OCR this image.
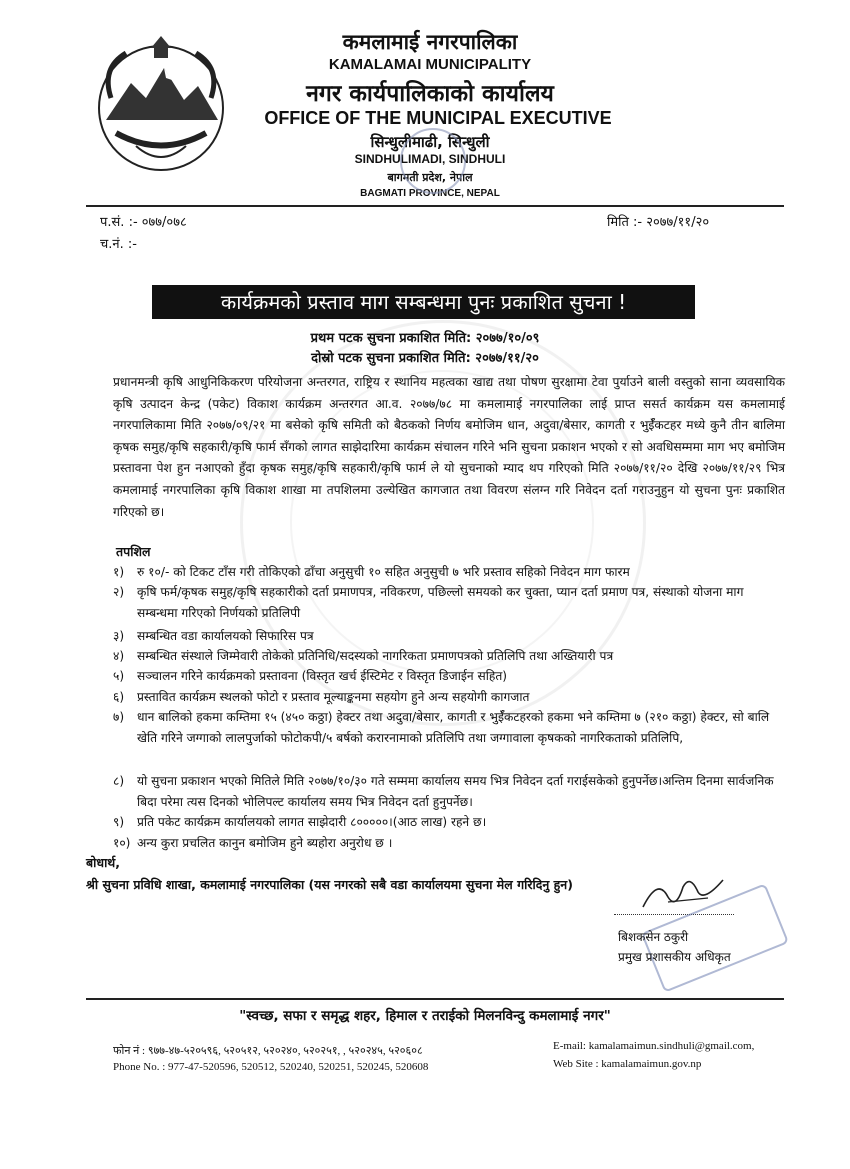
कमलामाई नगरपालिका
KAMALAMAI MUNICIPALITY
नगर कार्यपालिकाको कार्यालय
OFFICE OF THE MUNICIPAL EXECUTIVE
सिन्धुलीमाढी, सिन्धुली
SINDHULIMADI, SINDHULI
बागमती प्रदेश, नेपाल
BAGMATI PROVINCE, NEPAL
प.सं. :- ०७७/०७८
च.नं. :-
मिति :- २०७७/११/२०
कार्यक्रमको प्रस्ताव माग सम्बन्धमा पुनः प्रकाशित सुचना !
प्रथम पटक सुचना प्रकाशित मिति: २०७७/१०/०९
दोस्रो पटक सुचना प्रकाशित मिति: २०७७/११/२०

प्रधानमन्त्री कृषि आधुनिकिकरण परियोजना अन्तरगत, राष्ट्रिय र स्थानिय महत्वका खाद्य तथा पोषण सुरक्षामा टेवा पुर्याउने बाली वस्तुको साना व्यवसायिक कृषि उत्पादन केन्द्र (पकेट) विकाश कार्यक्रम अन्तरगत आ.व. २०७७/७८ मा कमलामाई नगरपालिका लाई प्राप्त ससर्त कार्यक्रम यस कमलामाई नगरपालिकामा मिति २०७७/०९/२१ मा बसेको कृषि समिती को बैठकको निर्णय बमोजिम धान, अदुवा/बेसार, कागती र भुईँकटहर मध्ये कुनै तीन बालिमा कृषक समुह/कृषि सहकारी/कृषि फार्म सँगको लागत साझेदारिमा कार्यक्रम संचालन गरिने भनि सुचना प्रकाशन भएको र सो अवधिसम्ममा माग भए बमोजिम प्रस्तावना पेश हुन नआएको हुँदा कृषक समुह/कृषि सहकारी/कृषि फार्म ले यो सुचनाको म्याद थप गरिएको मिति २०७७/११/२० देखि २०७७/११/२९ भित्र कमलामाई नगरपालिका कृषि विकाश शाखा मा तपशिलमा उल्येखित कागजात तथा विवरण संलग्न गरि निवेदन दर्ता गराउनुहुन यो सुचना पुनः प्रकाशित गरिएको छ।

तपशिल
१)	रु १०/- को टिकट टाँस गरी तोकिएको ढाँचा अनुसुची १० सहित अनुसुची ७ भरि प्रस्ताव सहिको निवेदन माग फारम
२)	कृषि फर्म/कृषक समुह/कृषि सहकारीको दर्ता प्रमाणपत्र, नविकरण, पछिल्लो समयको कर चुक्ता, प्यान दर्ता प्रमाण पत्र, संस्थाको योजना माग सम्बन्धमा गरिएको निर्णयको प्रतिलिपी
३)	सम्बन्धित वडा कार्यालयको सिफारिस पत्र
४)	सम्बन्धित संस्थाले जिम्मेवारी तोकेको प्रतिनिधि/सदस्यको नागरिकता प्रमाणपत्रको प्रतिलिपि तथा अख्तियारी पत्र
५)	सञ्चालन गरिने कार्यक्रमको प्रस्तावना (विस्तृत खर्च ईस्टिमेट र विस्तृत डिजाईन सहित)
६)	प्रस्तावित कार्यक्रम स्थलको फोटो र प्रस्ताव मूल्याङ्कनमा सहयोग हुने अन्य सहयोगी कागजात
७)	धान बालिको हकमा कम्तिमा १५ (४५० कठ्ठा) हेक्टर तथा अदुवा/बेसार, कागती र भुईँकटहरको हकमा भने कम्तिमा ७ (२१० कठ्ठा) हेक्टर, सो बालि खेति गरिने जग्गाको लालपुर्जाको फोटोकपी/५ बर्षको करारनामाको प्रतिलिपि तथा जग्गावाला कृषकको नागरिकताको प्रतिलिपि,
८)	यो सुचना प्रकाशन भएको मितिले मिति २०७७/१०/३० गते सम्ममा कार्यालय समय भित्र निवेदन दर्ता गराईसकेको हुनुपर्नेछ।अन्तिम दिनमा सार्वजनिक बिदा परेमा त्यस दिनको भोलिपल्ट कार्यालय समय भित्र निवेदन दर्ता हुनुपर्नेछ।
९)	प्रति पकेट कार्यक्रम कार्यालयको लागत साझेदारी ८०००००।(आठ लाख) रहने छ।
१०) अन्य कुरा प्रचलित कानुन बमोजिम हुने ब्यहोरा अनुरोध छ ।
बोधार्थ,
श्री सुचना प्रविधि शाखा, कमलामाई नगरपालिका (यस नगरको सबै वडा कार्यालयमा सुचना मेल गरिदिनु हुन)
बिशकसेन ठकुरी
प्रमुख प्रशासकीय अधिकृत
"स्वच्छ, सफा र समृद्ध शहर, हिमाल र तराईको मिलनविन्दु कमलामाई नगर"
फोन नं : ९७७-४७-५२०५९६, ५२०५१२, ५२०२४०, ५२०२५१, , ५२०२४५, ५२०६०८
Phone No. : 977-47-520596, 520512, 520240, 520251, 520245, 520608
E-mail: kamalamaimun.sindhuli@gmail.com,
Web Site : kamalamaimun.gov.np
